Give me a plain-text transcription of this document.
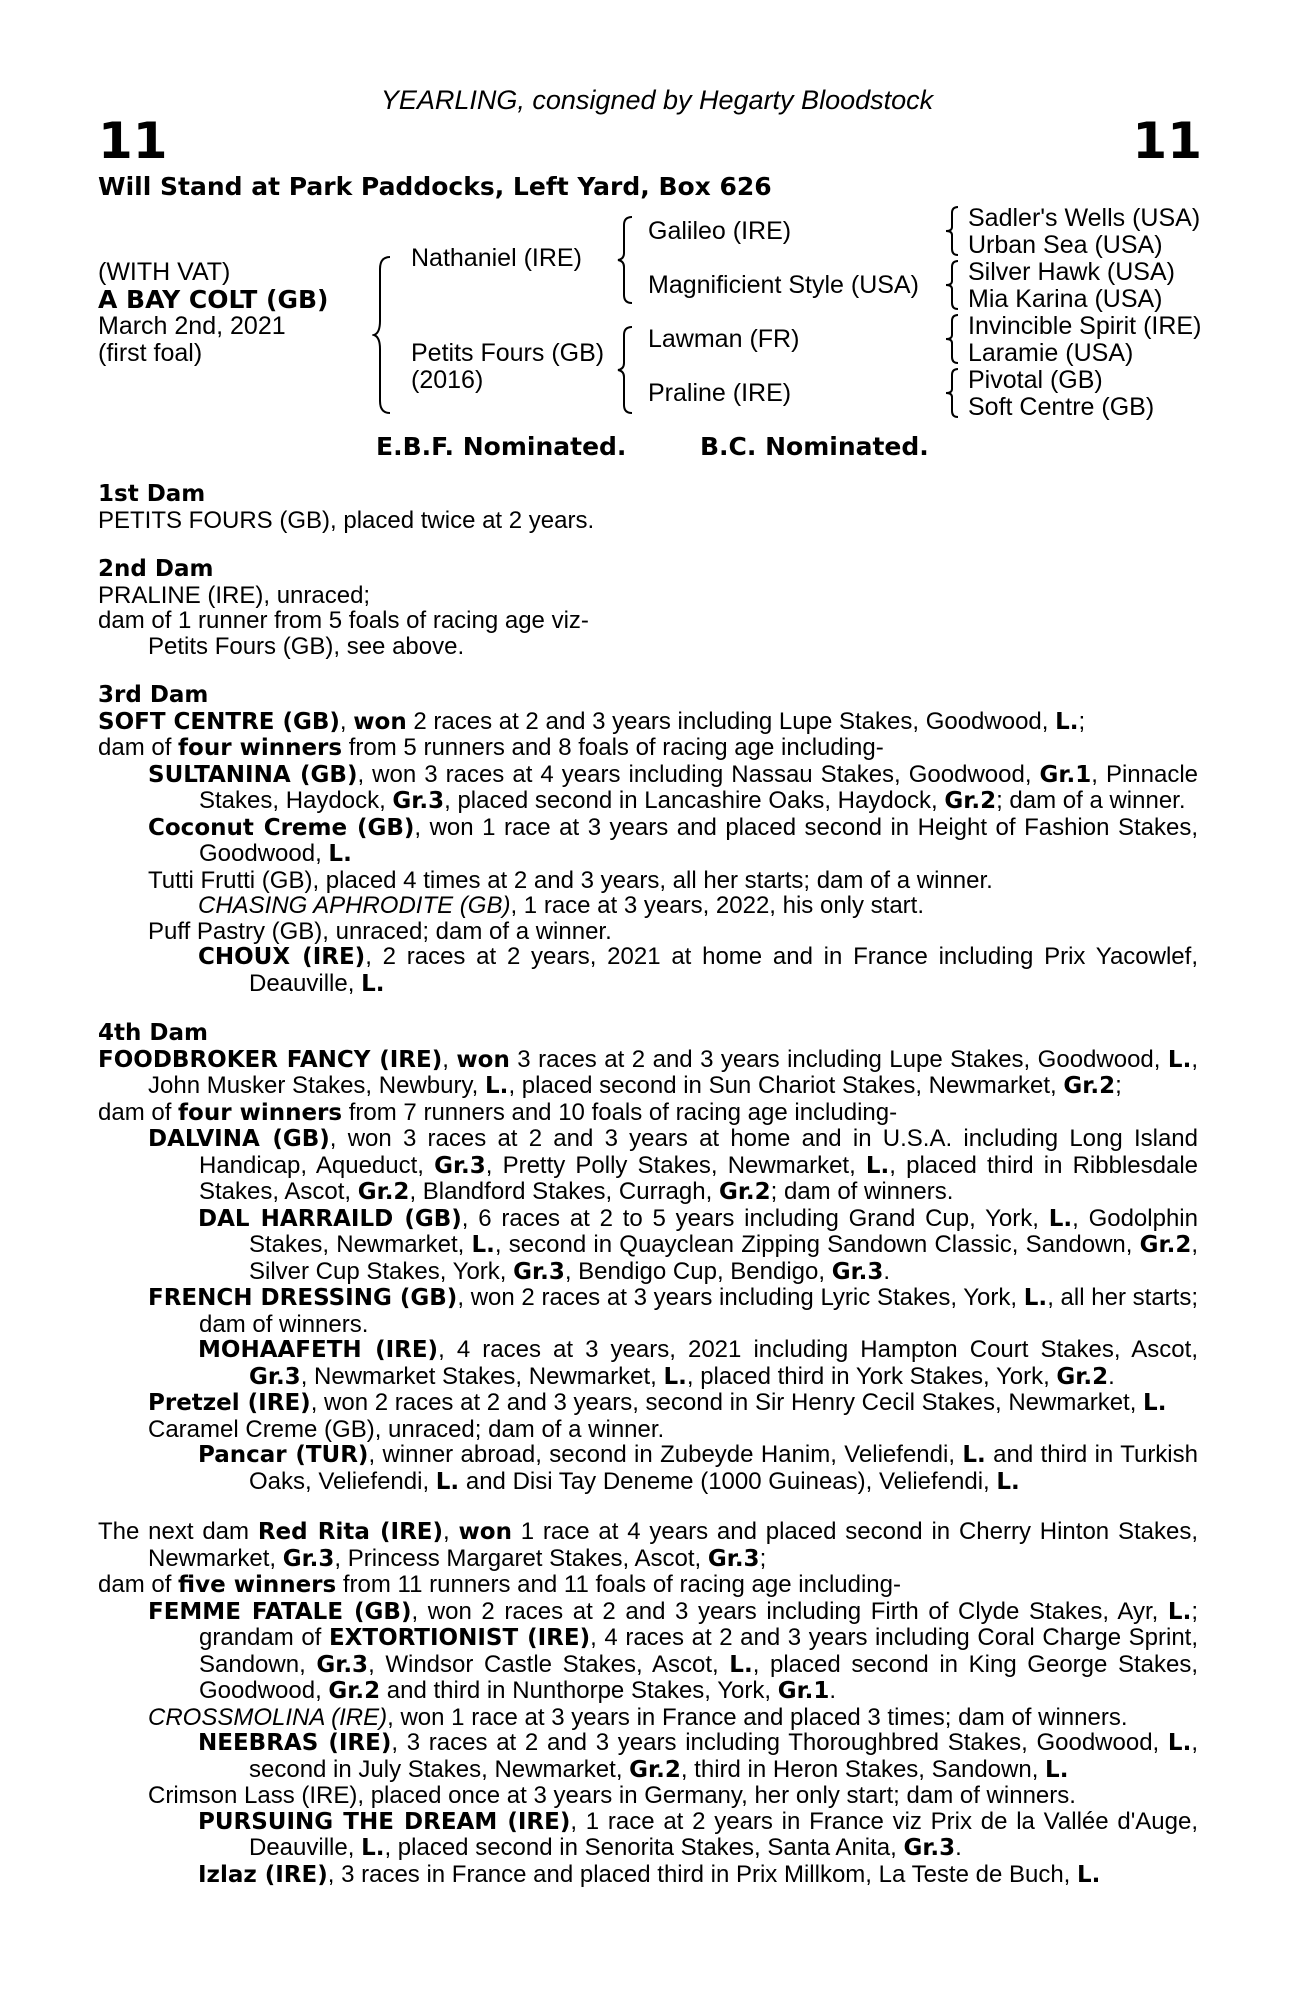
YEARLING, consigned by Hegarty Bloodstock
11	11
Will Stand at Park Paddocks, Left Yard, Box 626
(WITH VAT)
A BAY COLT (GB)
March 2nd, 2021
(first foal)
Nathaniel (IRE)
Petits Fours (GB)
(2016)
Galileo (IRE)
Magnificient Style (USA)
Lawman (FR)
Praline (IRE)
Sadler's Wells (USA)
Urban Sea (USA)
Silver Hawk (USA)
Mia Karina (USA)
Invincible Spirit (IRE)
Laramie (USA)
Pivotal (GB)
Soft Centre (GB)
E.B.F. Nominated.	B.C. Nominated.

1st Dam

PETITS FOURS (GB), placed twice at 2 years.

2nd Dam

PRALINE (IRE), unraced;

dam of 1 runner from 5 foals of racing age viz-

Petits Fours (GB), see above.

3rd Dam

SOFT CENTRE (GB), won 2 races at 2 and 3 years including Lupe Stakes, Goodwood, L.;

dam of four winners from 5 runners and 8 foals of racing age including-

SULTANINA (GB), won 3 races at 4 years including Nassau Stakes, Goodwood, Gr.1, Pinnacle Stakes, Haydock, Gr.3, placed second in Lancashire Oaks, Haydock, Gr.2; dam of a winner.

Coconut Creme (GB), won 1 race at 3 years and placed second in Height of Fashion Stakes, Goodwood, L.

Tutti Frutti (GB), placed 4 times at 2 and 3 years, all her starts; dam of a winner.

CHASING APHRODITE (GB), 1 race at 3 years, 2022, his only start.

Puff Pastry (GB), unraced; dam of a winner.

CHOUX (IRE), 2 races at 2 years, 2021 at home and in France including Prix Yacowlef, Deauville, L.

4th Dam

FOODBROKER FANCY (IRE), won 3 races at 2 and 3 years including Lupe Stakes, Goodwood, L., John Musker Stakes, Newbury, L., placed second in Sun Chariot Stakes, Newmarket, Gr.2;

dam of four winners from 7 runners and 10 foals of racing age including-

DALVINA (GB), won 3 races at 2 and 3 years at home and in U.S.A. including Long Island Handicap, Aqueduct, Gr.3, Pretty Polly Stakes, Newmarket, L., placed third in Ribblesdale Stakes, Ascot, Gr.2, Blandford Stakes, Curragh, Gr.2; dam of winners.

DAL HARRAILD (GB), 6 races at 2 to 5 years including Grand Cup, York, L., Godolphin Stakes, Newmarket, L., second in Quayclean Zipping Sandown Classic, Sandown, Gr.2, Silver Cup Stakes, York, Gr.3, Bendigo Cup, Bendigo, Gr.3.

FRENCH DRESSING (GB), won 2 races at 3 years including Lyric Stakes, York, L., all her starts; dam of winners.

MOHAAFETH (IRE), 4 races at 3 years, 2021 including Hampton Court Stakes, Ascot, Gr.3, Newmarket Stakes, Newmarket, L., placed third in York Stakes, York, Gr.2.

Pretzel (IRE), won 2 races at 2 and 3 years, second in Sir Henry Cecil Stakes, Newmarket, L.

Caramel Creme (GB), unraced; dam of a winner.

Pancar (TUR), winner abroad, second in Zubeyde Hanim, Veliefendi, L. and third in Turkish Oaks, Veliefendi, L. and Disi Tay Deneme (1000 Guineas), Veliefendi, L.

The next dam Red Rita (IRE), won 1 race at 4 years and placed second in Cherry Hinton Stakes, Newmarket, Gr.3, Princess Margaret Stakes, Ascot, Gr.3;

dam of five winners from 11 runners and 11 foals of racing age including-

FEMME FATALE (GB), won 2 races at 2 and 3 years including Firth of Clyde Stakes, Ayr, L.; grandam of EXTORTIONIST (IRE), 4 races at 2 and 3 years including Coral Charge Sprint, Sandown, Gr.3, Windsor Castle Stakes, Ascot, L., placed second in King George Stakes, Goodwood, Gr.2 and third in Nunthorpe Stakes, York, Gr.1.

CROSSMOLINA (IRE), won 1 race at 3 years in France and placed 3 times; dam of winners.

NEEBRAS (IRE), 3 races at 2 and 3 years including Thoroughbred Stakes, Goodwood, L., second in July Stakes, Newmarket, Gr.2, third in Heron Stakes, Sandown, L.

Crimson Lass (IRE), placed once at 3 years in Germany, her only start; dam of winners.

PURSUING THE DREAM (IRE), 1 race at 2 years in France viz Prix de la Vallée d'Auge, Deauville, L., placed second in Senorita Stakes, Santa Anita, Gr.3.

Izlaz (IRE), 3 races in France and placed third in Prix Millkom, La Teste de Buch, L.
